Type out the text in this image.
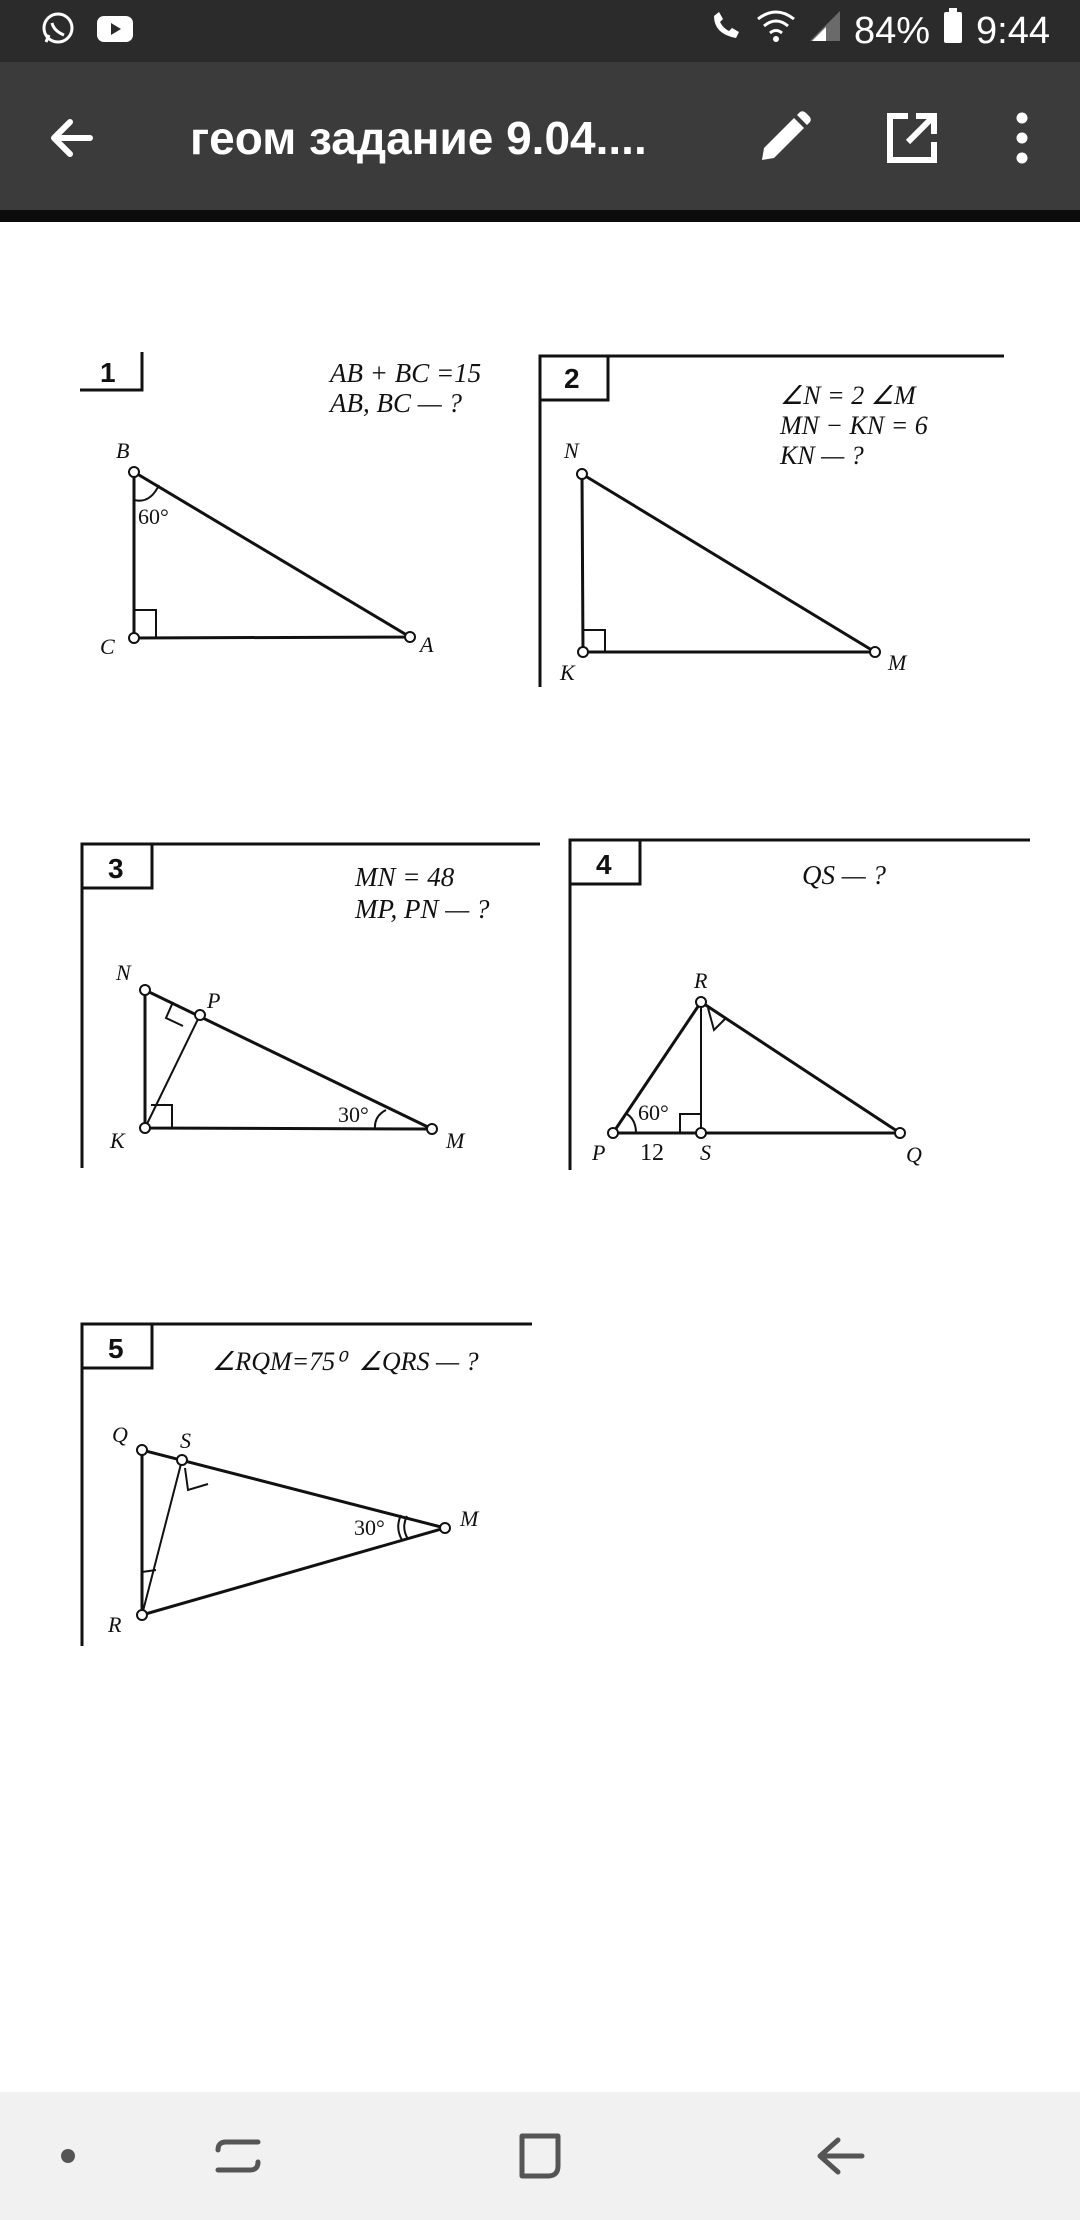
84% 9:44
геом задание 9.04....
1	AB + BC =15
AB, BC — ?
B
C	A
60°
2
∠N = 2 ∠M
MN − KN = 6
KN — ?
N
K	M
3	MN = 48
MP, PN — ?
N
P
K	M
30°
4	QS — ?
R
P	S	Q
60°
12
5	∠RQM=75⁰  ∠QRS — ?
Q S
R
M
30°
